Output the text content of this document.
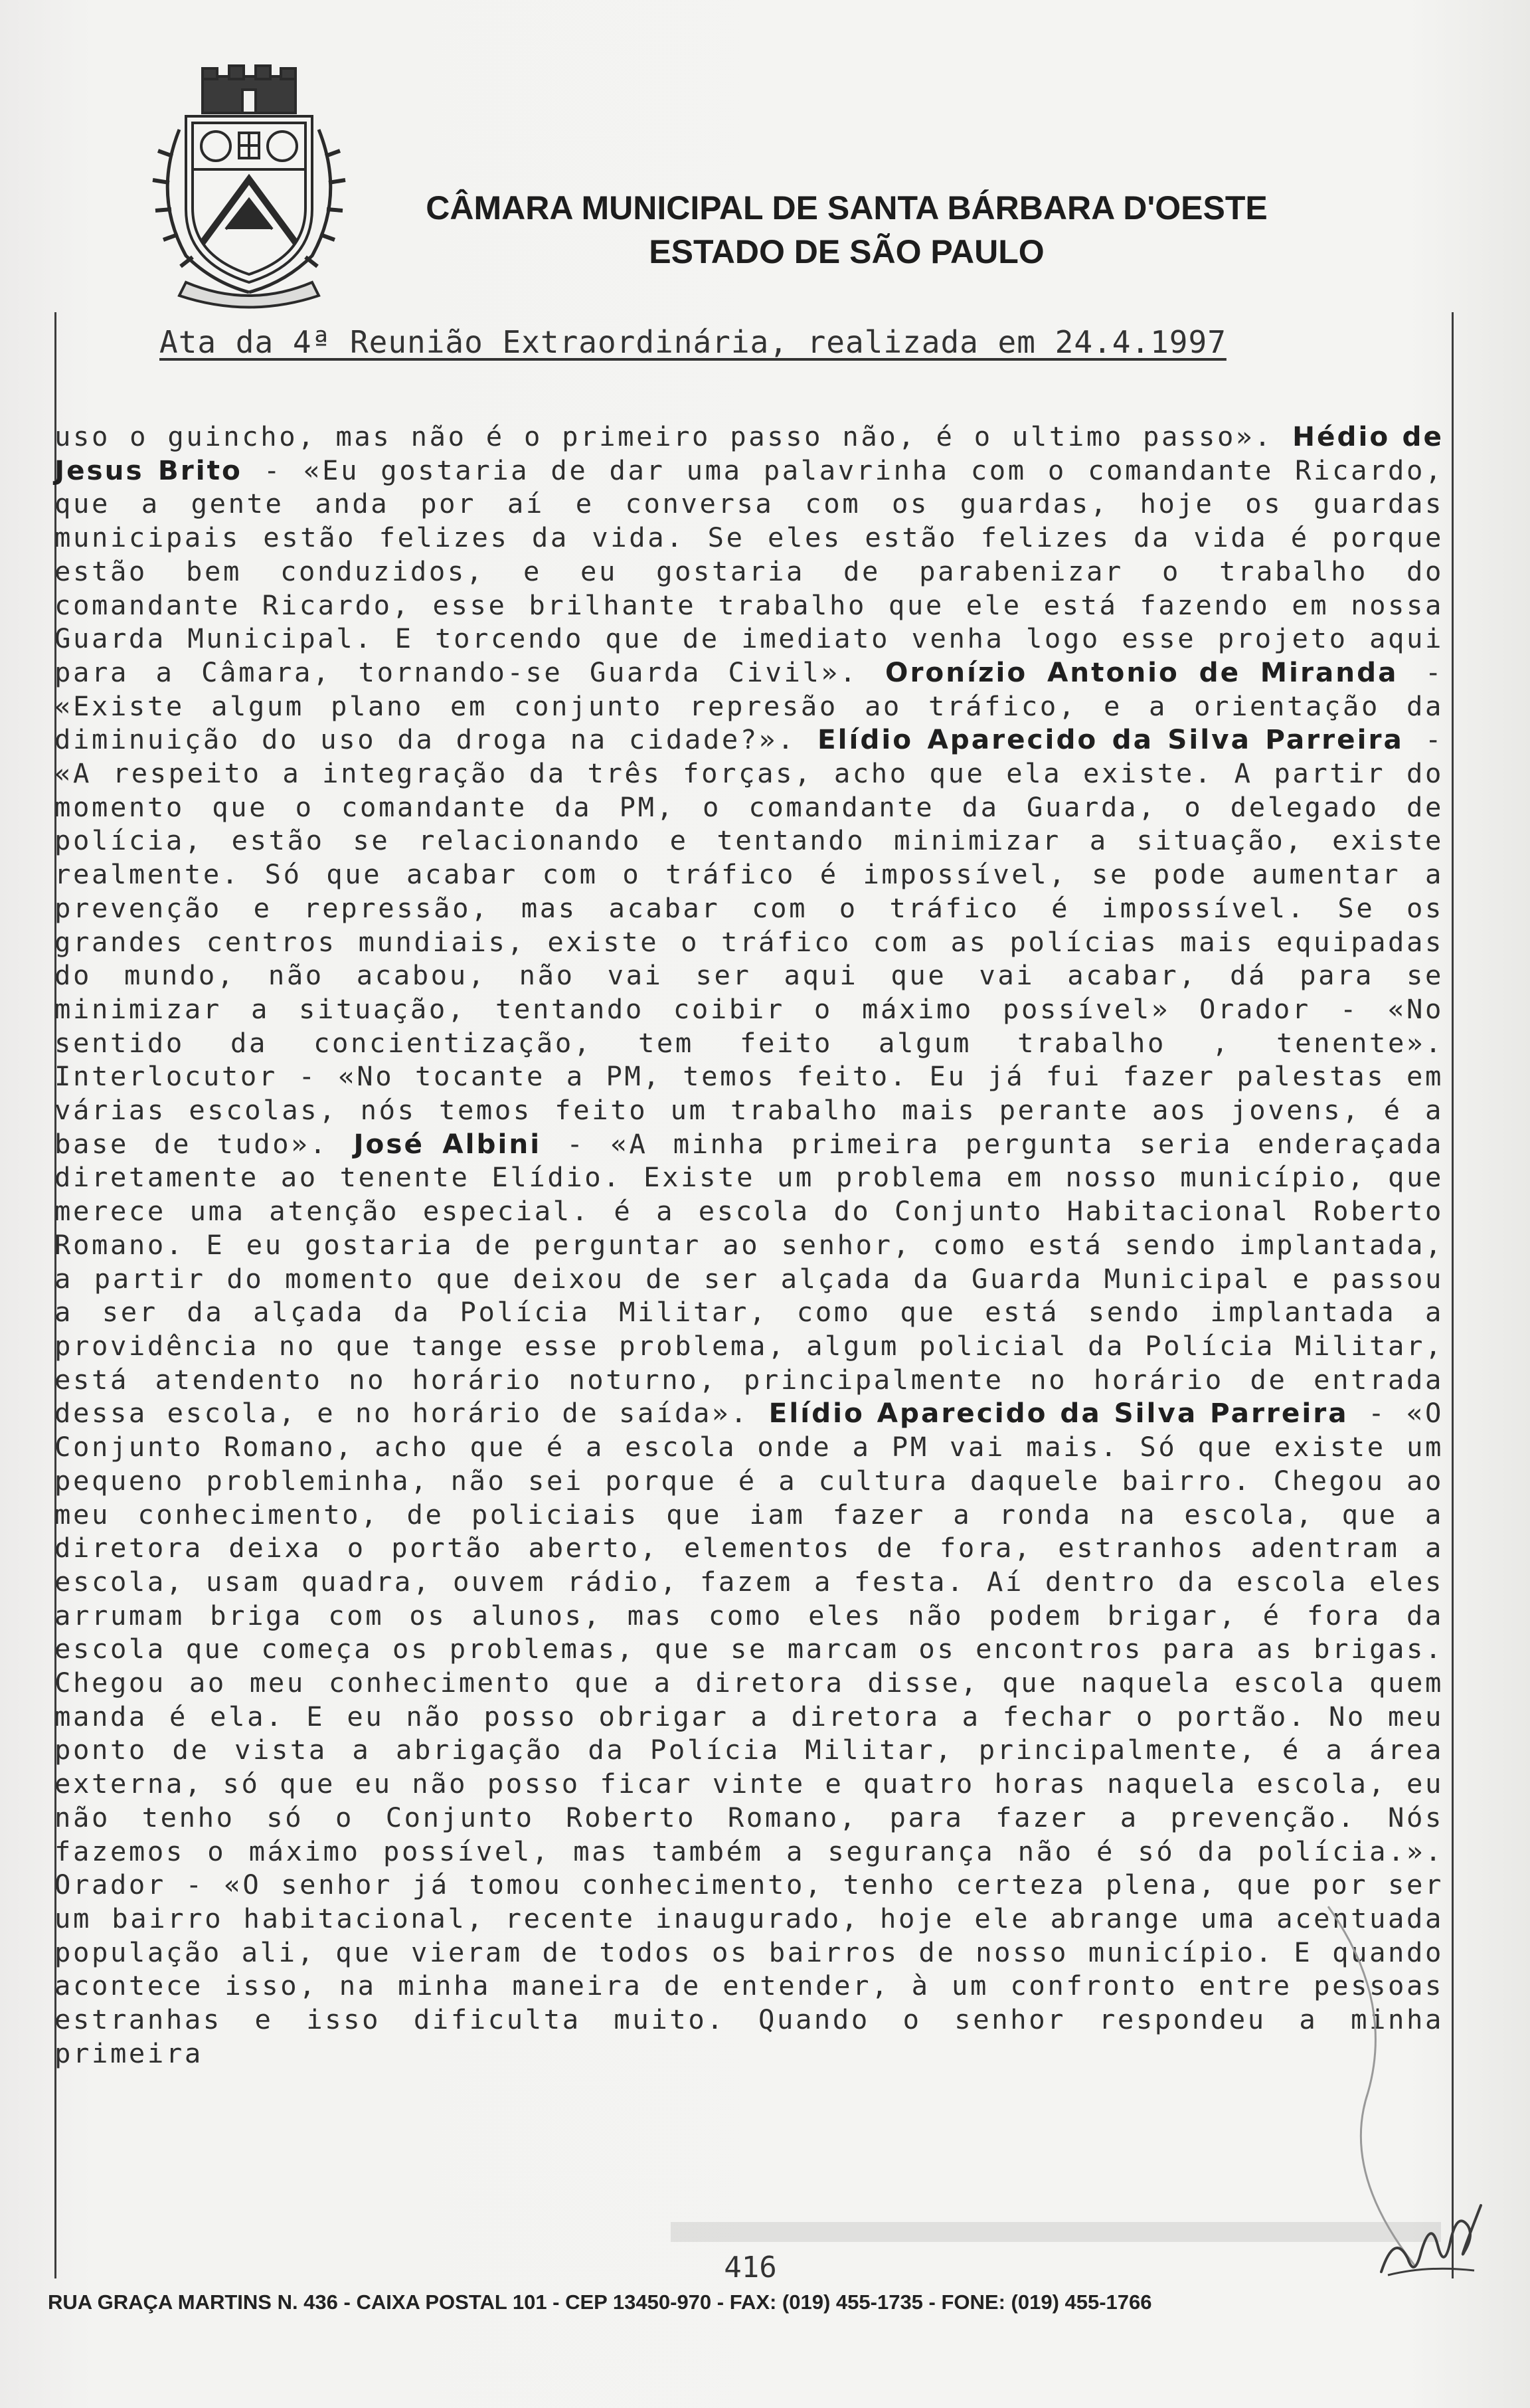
CÂMARA MUNICIPAL DE SANTA BÁRBARA D'OESTE
ESTADO DE SÃO PAULO
Ata da 4ª Reunião Extraordinária, realizada em 24.4.1997
uso o guincho, mas não é o primeiro passo não, é o ultimo passo». Hédio de Jesus Brito - «Eu gostaria de dar uma palavrinha com o comandante Ricardo, que a gente anda por aí e conversa com os guardas, hoje os guardas municipais estão felizes da vida. Se eles estão felizes da vida é porque estão bem conduzidos, e eu gostaria de parabenizar o trabalho do comandante Ricardo, esse brilhante trabalho que ele está fazendo em nossa Guarda Municipal. E torcendo que de imediato venha logo esse projeto aqui para a Câmara, tornando-se Guarda Civil». Oronízio Antonio de Miranda - «Existe algum plano em conjunto represão ao tráfico, e a orientação da diminuição do uso da droga na cidade?». Elídio Aparecido da Silva Parreira - «A respeito a integração da três forças, acho que ela existe. A partir do momento que o comandante da PM, o comandante da Guarda, o delegado de polícia, estão se relacionando e tentando minimizar a situação, existe realmente. Só que acabar com o tráfico é impossível, se pode aumentar a prevenção e repressão, mas acabar com o tráfico é impossível. Se os grandes centros mundiais, existe o tráfico com as polícias mais equipadas do mundo, não acabou, não vai ser aqui que vai acabar, dá para se minimizar a situação, tentando coibir o máximo possível» Orador - «No sentido da concientização, tem feito algum trabalho , tenente». Interlocutor - «No tocante a PM, temos feito. Eu já fui fazer palestas em várias escolas, nós temos feito um trabalho mais perante aos jovens, é a base de tudo». José Albini - «A minha primeira pergunta seria enderaçada diretamente ao tenente Elídio. Existe um problema em nosso município, que merece uma atenção especial. é a escola do Conjunto Habitacional Roberto Romano. E eu gostaria de perguntar ao senhor, como está sendo implantada, a partir do momento que deixou de ser alçada da Guarda Municipal e passou a ser da alçada da Polícia Militar, como que está sendo implantada a providência no que tange esse problema, algum policial da Polícia Militar, está atendento no horário noturno, principalmente no horário de entrada dessa escola, e no horário de saída». Elídio Aparecido da Silva Parreira - «O Conjunto Romano, acho que é a escola onde a PM vai mais. Só que existe um pequeno probleminha, não sei porque é a cultura daquele bairro. Chegou ao meu conhecimento, de policiais que iam fazer a ronda na escola, que a diretora deixa o portão aberto, elementos de fora, estranhos adentram a escola, usam quadra, ouvem rádio, fazem a festa. Aí dentro da escola eles arrumam briga com os alunos, mas como eles não podem brigar, é fora da escola que começa os problemas, que se marcam os encontros para as brigas. Chegou ao meu conhecimento que a diretora disse, que naquela escola quem manda é ela. E eu não posso obrigar a diretora a fechar o portão. No meu ponto de vista a abrigação da Polícia Militar, principalmente, é a área externa, só que eu não posso ficar vinte e quatro horas naquela escola, eu não tenho só o Conjunto Roberto Romano, para fazer a prevenção. Nós fazemos o máximo possível, mas também a segurança não é só da polícia.». Orador - «O senhor já tomou conhecimento, tenho certeza plena, que por ser um bairro habitacional, recente inaugurado, hoje ele abrange uma acentuada população ali, que vieram de todos os bairros de nosso município. E quando acontece isso, na minha maneira de entender, à um confronto entre pessoas estranhas e isso dificulta muito. Quando o senhor respondeu a minha primeira
416
RUA GRAÇA MARTINS N. 436 - CAIXA POSTAL 101 - CEP 13450-970 - FAX: (019) 455-1735 - FONE: (019) 455-1766
